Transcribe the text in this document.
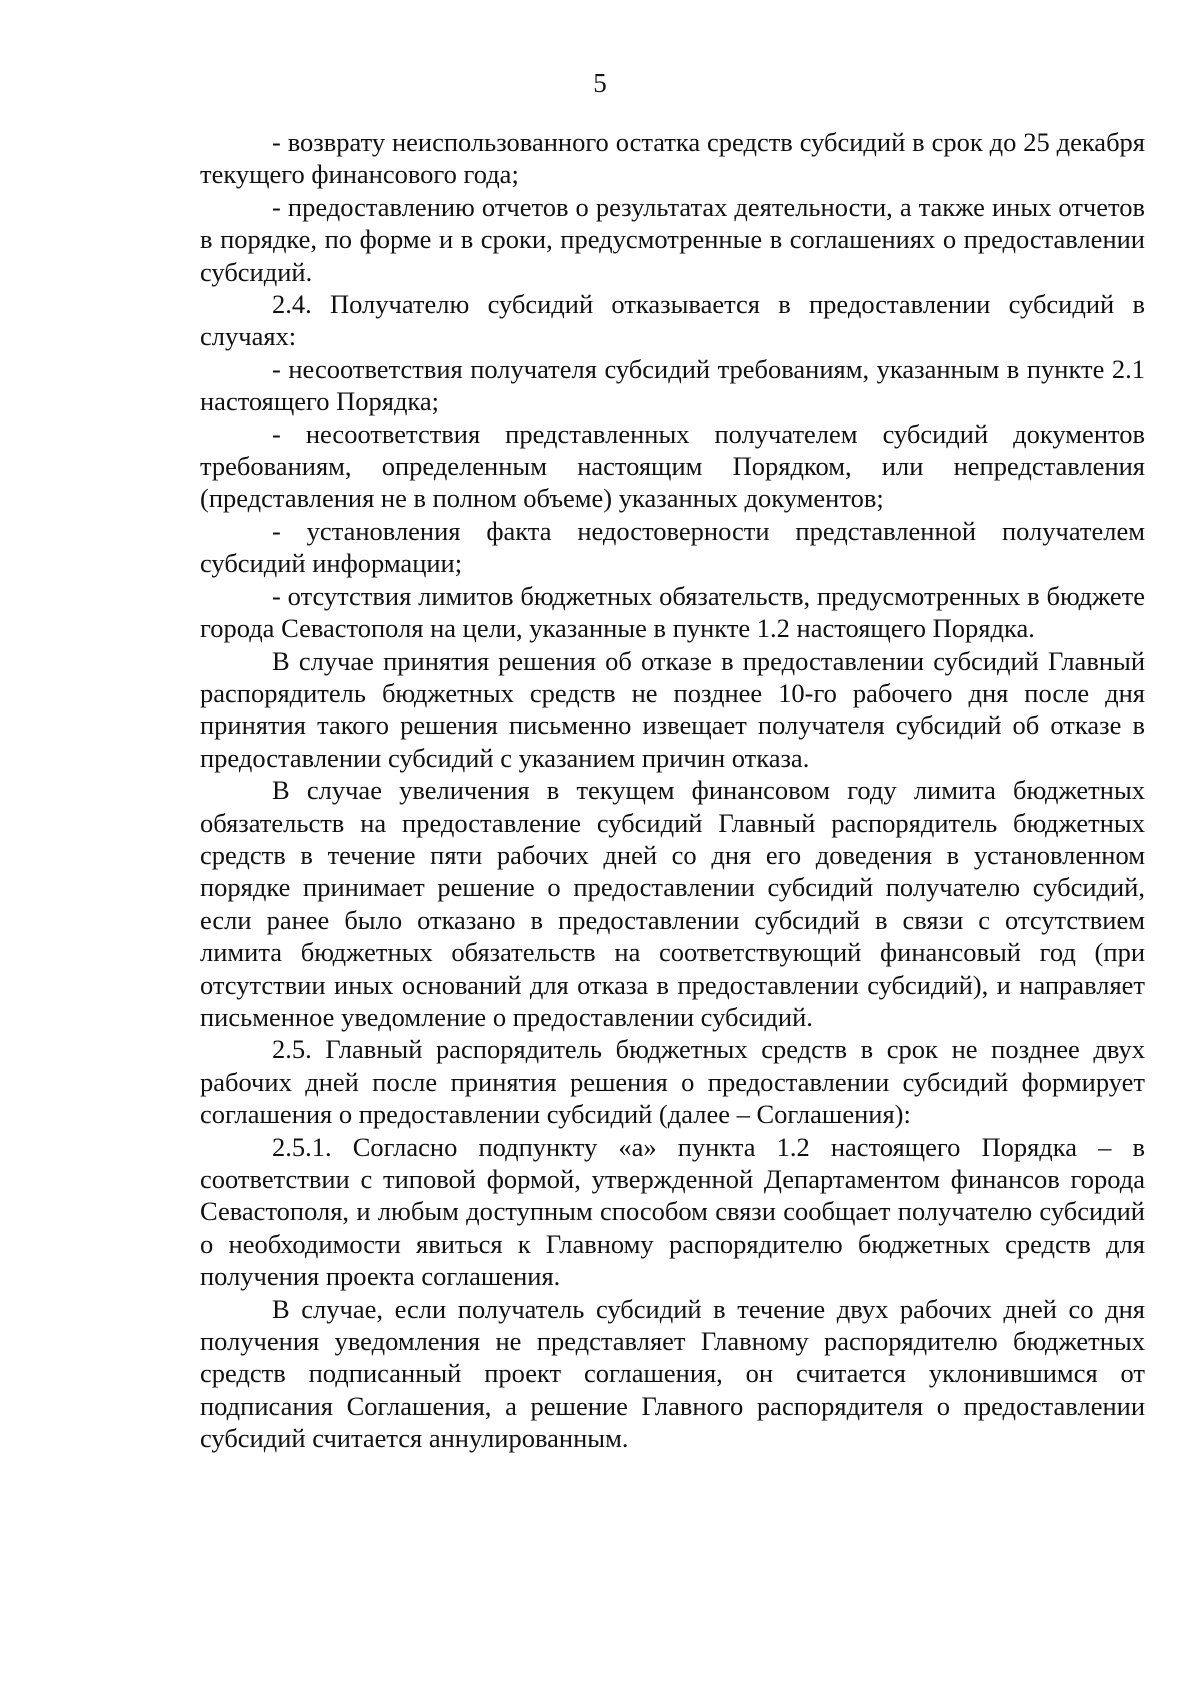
5

- возврату неиспользованного остатка средств субсидий в срок до 25 декабря текущего финансового года;

- предоставлению отчетов о результатах деятельности, а также иных отчетов в порядке, по форме и в сроки, предусмотренные в соглашениях о предоставлении субсидий.

2.4. Получателю субсидий отказывается в предоставлении субсидий в случаях:

- несоответствия получателя субсидий требованиям, указанным в пункте 2.1 настоящего Порядка;

- несоответствия представленных получателем субсидий документов требованиям, определенным настоящим Порядком, или непредставления (представления не в полном объеме) указанных документов;

- установления факта недостоверности представленной получателем субсидий информации;

- отсутствия лимитов бюджетных обязательств, предусмотренных в бюджете города Севастополя на цели, указанные в пункте 1.2 настоящего Порядка.

В случае принятия решения об отказе в предоставлении субсидий Главный распорядитель бюджетных средств не позднее 10-го рабочего дня после дня принятия такого решения письменно извещает получателя субсидий об отказе в предоставлении субсидий с указанием причин отказа.

В случае увеличения в текущем финансовом году лимита бюджетных обязательств на предоставление субсидий Главный распорядитель бюджетных средств в течение пяти рабочих дней со дня его доведения в установленном порядке принимает решение о предоставлении субсидий получателю субсидий, если ранее было отказано в предоставлении субсидий в связи с отсутствием лимита бюджетных обязательств на соответствующий финансовый год (при отсутствии иных оснований для отказа в предоставлении субсидий), и направляет письменное уведомление о предоставлении субсидий.

2.5. Главный распорядитель бюджетных средств в срок не позднее двух рабочих дней после принятия решения о предоставлении субсидий формирует соглашения о предоставлении субсидий (далее – Соглашения):

2.5.1. Согласно подпункту «а» пункта 1.2 настоящего Порядка – в соответствии с типовой формой, утвержденной Департаментом финансов города Севастополя, и любым доступным способом связи сообщает получателю субсидий о необходимости явиться к Главному распорядителю бюджетных средств для получения проекта соглашения.

В случае, если получатель субсидий в течение двух рабочих дней со дня получения уведомления не представляет Главному распорядителю бюджетных средств подписанный проект соглашения, он считается уклонившимся от подписания Соглашения, а решение Главного распорядителя о предоставлении субсидий считается аннулированным.
